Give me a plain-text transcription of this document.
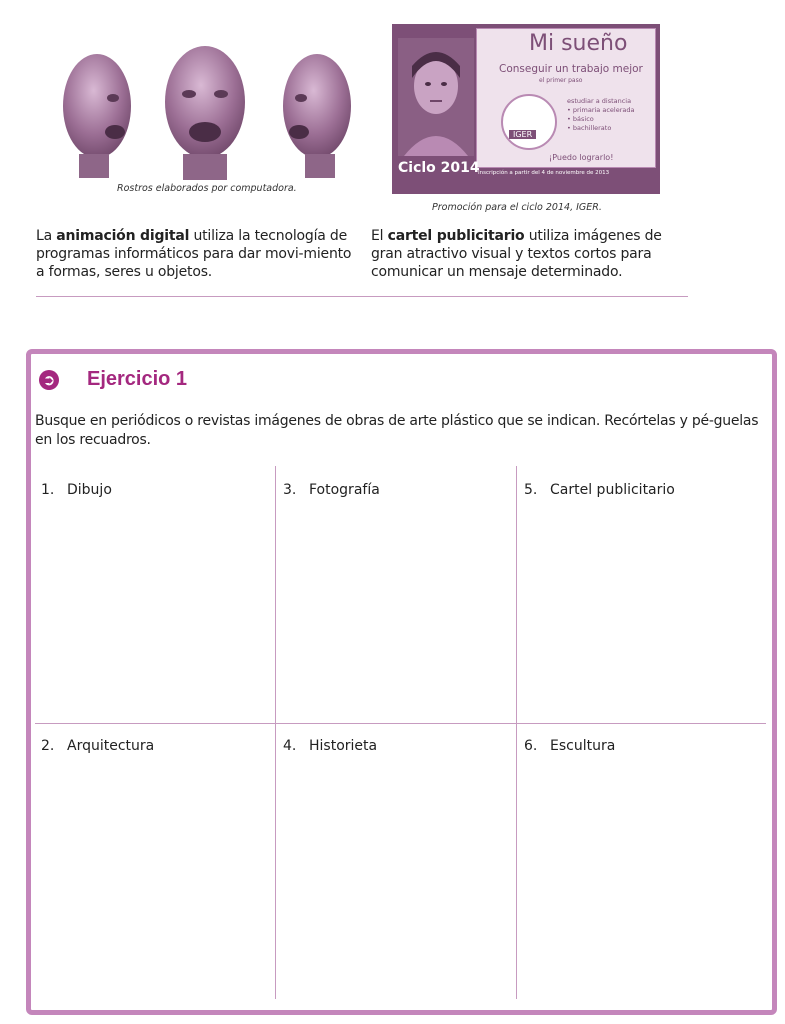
Rostros elaborados por computadora.
Mi sueño
Conseguir un trabajo mejor
el primer paso
IGER
estudiar a distancia
• primaria acelerada
• básico
• bachillerato
¡Puedo lograrlo!
Ciclo 2014
Inscripción a partir del 4 de noviembre de 2013
Promoción para el ciclo 2014, IGER.
La animación digital utiliza la tecnología de programas informáticos para dar movi-miento a formas, seres u objetos.
El cartel publicitario utiliza imágenes de gran atractivo visual y textos cortos para comunicar un mensaje determinado.
➲ Ejercicio 1
Busque en periódicos o revistas imágenes de obras de arte plástico que se indican. Recórtelas y pé-guelas en los recuadros.
1. Dibujo	3. Fotografía	5. Cartel publicitario
2. Arquitectura	4. Historieta	6. Escultura
